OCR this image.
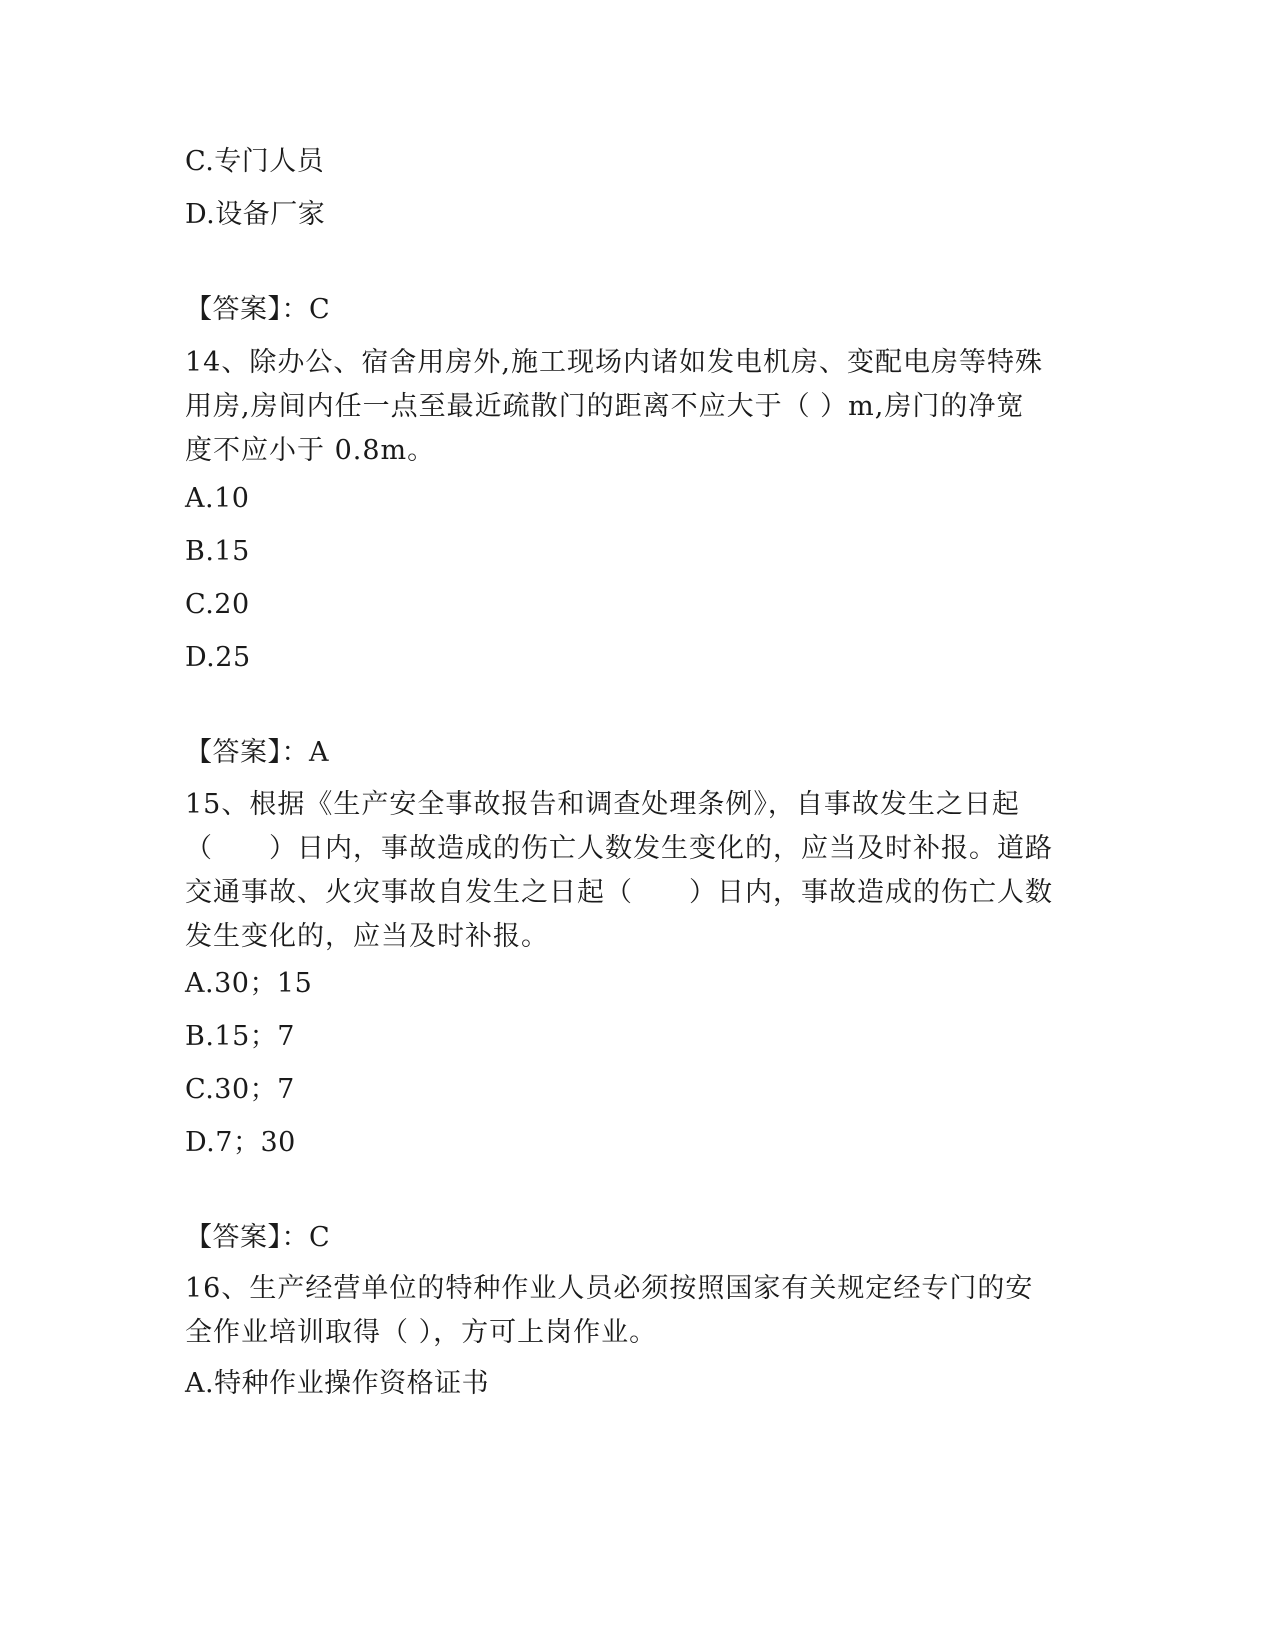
C.专门人员
D.设备厂家
【答案】：C
14、除办公、宿舍用房外,施工现场内诸如发电机房、变配电房等特殊
用房,房间内任一点至最近疏散门的距离不应大于（ ）m,房门的净宽
度不应小于 0.8m。
A.10
B.15
C.20
D.25
【答案】：A
15、根据《生产安全事故报告和调查处理条例》，自事故发生之日起
（　　）日内，事故造成的伤亡人数发生变化的，应当及时补报。道路
交通事故、火灾事故自发生之日起（　　）日内，事故造成的伤亡人数
发生变化的，应当及时补报。
A.30；15
B.15；7
C.30；7
D.7；30
【答案】：C
16、生产经营单位的特种作业人员必须按照国家有关规定经专门的安
全作业培训取得（ ），方可上岗作业。
A.特种作业操作资格证书
